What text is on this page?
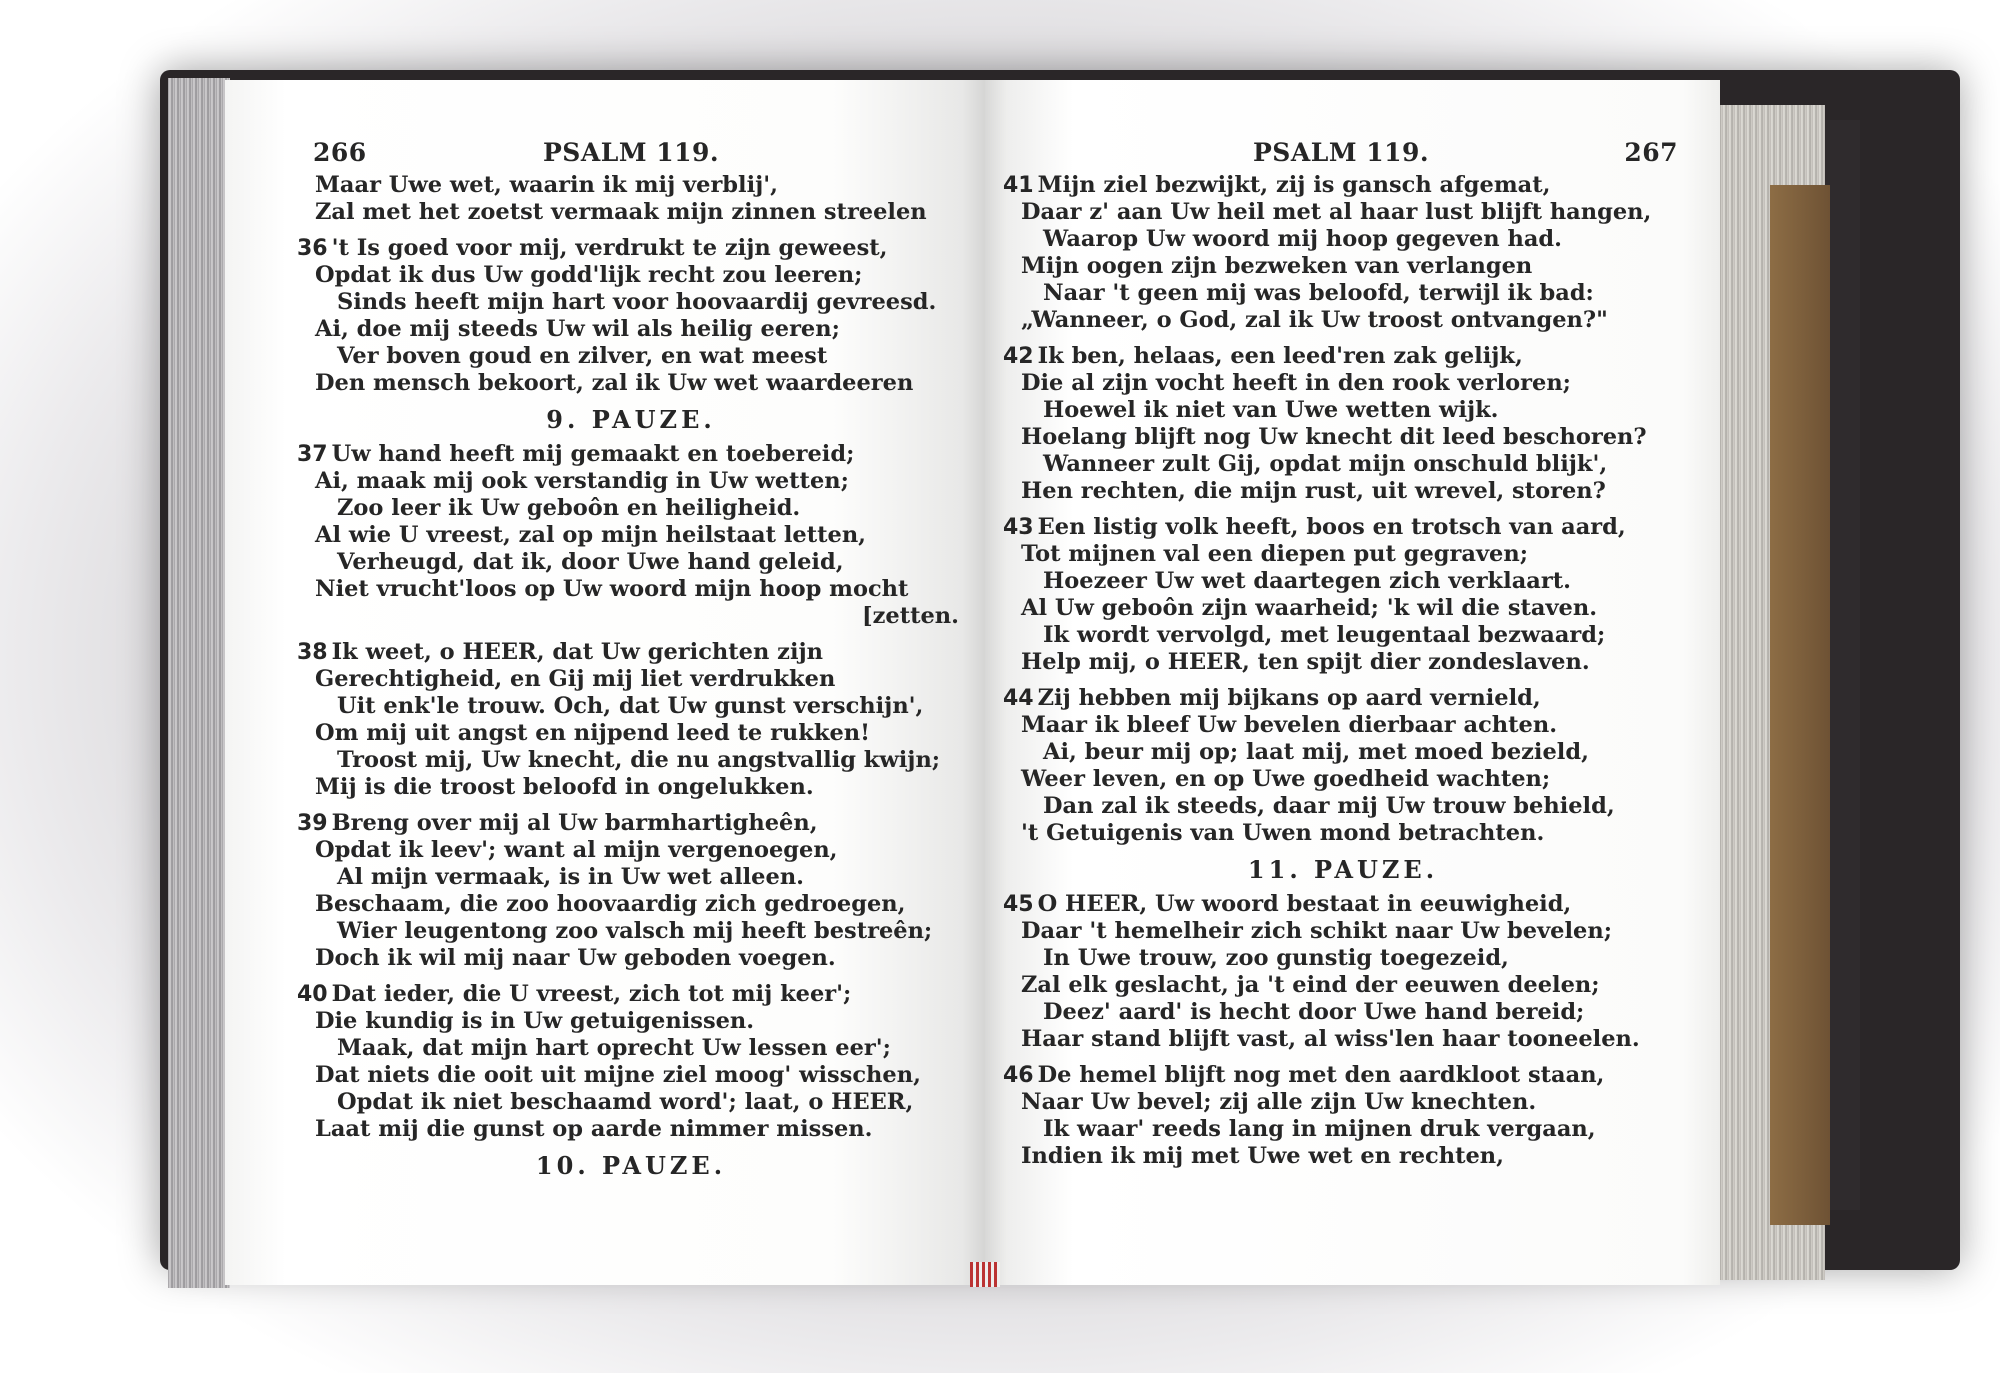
266	PSALM 119.
Maar Uwe wet, waarin ik mij verblij',
Zal met het zoetst vermaak mijn zinnen streelen
36 't Is goed voor mij, verdrukt te zijn geweest,
Opdat ik dus Uw godd'lijk recht zou leeren;
Sinds heeft mijn hart voor hoovaardij gevreesd.
Ai, doe mij steeds Uw wil als heilig eeren;
Ver boven goud en zilver, en wat meest
Den mensch bekoort, zal ik Uw wet waardeeren
9. PAUZE.
37 Uw hand heeft mij gemaakt en toebereid;
Ai, maak mij ook verstandig in Uw wetten;
Zoo leer ik Uw geboôn en heiligheid.
Al wie U vreest, zal op mijn heilstaat letten,
Verheugd, dat ik, door Uwe hand geleid,
Niet vrucht'loos op Uw woord mijn hoop mocht
[zetten.
38 Ik weet, o HEER, dat Uw gerichten zijn
Gerechtigheid, en Gij mij liet verdrukken
Uit enk'le trouw. Och, dat Uw gunst verschijn',
Om mij uit angst en nijpend leed te rukken!
Troost mij, Uw knecht, die nu angstvallig kwijn;
Mij is die troost beloofd in ongelukken.
39 Breng over mij al Uw barmhartigheên,
Opdat ik leev'; want al mijn vergenoegen,
Al mijn vermaak, is in Uw wet alleen.
Beschaam, die zoo hoovaardig zich gedroegen,
Wier leugentong zoo valsch mij heeft bestreên;
Doch ik wil mij naar Uw geboden voegen.
40 Dat ieder, die U vreest, zich tot mij keer';
Die kundig is in Uw getuigenissen.
Maak, dat mijn hart oprecht Uw lessen eer';
Dat niets die ooit uit mijne ziel moog' wisschen,
Opdat ik niet beschaamd word'; laat, o HEER,
Laat mij die gunst op aarde nimmer missen.
10. PAUZE.
PSALM 119.	267
41 Mijn ziel bezwijkt, zij is gansch afgemat,
Daar z' aan Uw heil met al haar lust blijft hangen,
Waarop Uw woord mij hoop gegeven had.
Mijn oogen zijn bezweken van verlangen
Naar 't geen mij was beloofd, terwijl ik bad:
„Wanneer, o God, zal ik Uw troost ontvangen?"
42 Ik ben, helaas, een leed'ren zak gelijk,
Die al zijn vocht heeft in den rook verloren;
Hoewel ik niet van Uwe wetten wijk.
Hoelang blijft nog Uw knecht dit leed beschoren?
Wanneer zult Gij, opdat mijn onschuld blijk',
Hen rechten, die mijn rust, uit wrevel, storen?
43 Een listig volk heeft, boos en trotsch van aard,
Tot mijnen val een diepen put gegraven;
Hoezeer Uw wet daartegen zich verklaart.
Al Uw geboôn zijn waarheid; 'k wil die staven.
Ik wordt vervolgd, met leugentaal bezwaard;
Help mij, o HEER, ten spijt dier zondeslaven.
44 Zij hebben mij bijkans op aard vernield,
Maar ik bleef Uw bevelen dierbaar achten.
Ai, beur mij op; laat mij, met moed bezield,
Weer leven, en op Uwe goedheid wachten;
Dan zal ik steeds, daar mij Uw trouw behield,
't Getuigenis van Uwen mond betrachten.
11. PAUZE.
45 O HEER, Uw woord bestaat in eeuwigheid,
Daar 't hemelheir zich schikt naar Uw bevelen;
In Uwe trouw, zoo gunstig toegezeid,
Zal elk geslacht, ja 't eind der eeuwen deelen;
Deez' aard' is hecht door Uwe hand bereid;
Haar stand blijft vast, al wiss'len haar tooneelen.
46 De hemel blijft nog met den aardkloot staan,
Naar Uw bevel; zij alle zijn Uw knechten.
Ik waar' reeds lang in mijnen druk vergaan,
Indien ik mij met Uwe wet en rechten,
